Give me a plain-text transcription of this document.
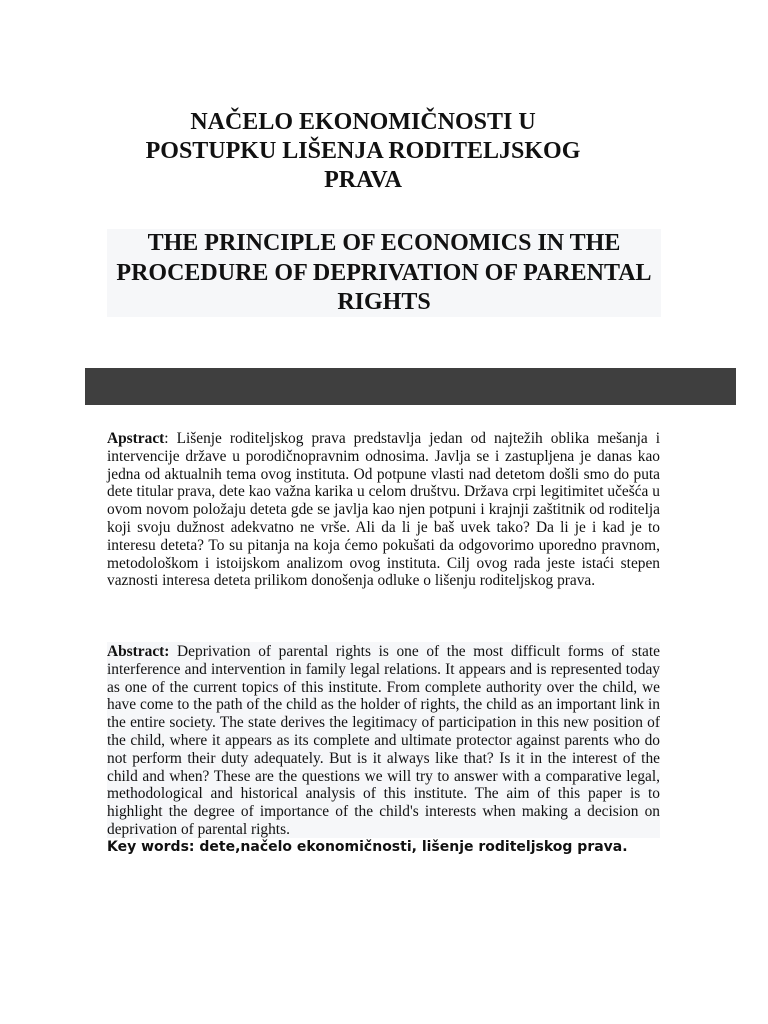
NAČELO EKONOMIČNOSTI U POSTUPKU LIŠENJA RODITELJSKOG PRAVA
THE PRINCIPLE OF ECONOMICS IN THE PROCEDURE OF DEPRIVATION OF PARENTAL RIGHTS
Apstract: Lišenje roditeljskog prava predstavlja jedan od najtežih oblika mešanja i intervencije države u porodičnopravnim odnosima. Javlja se i zastupljena je danas kao jedna od aktualnih tema ovog instituta. Od potpune vlasti nad detetom došli smo do puta dete titular prava, dete kao važna karika u celom društvu. Država crpi legitimitet učešća u ovom novom položaju deteta gde se javlja kao njen potpuni i krajnji zaštitnik od roditelja koji svoju dužnost adekvatno ne vrše. Ali da li je baš uvek tako? Da li je i kad je to interesu deteta? To su pitanja na koja ćemo pokušati da odgovorimo uporedno pravnom, metodološkom i istoijskom analizom ovog instituta. Cilj ovog rada jeste istaći stepen vaznosti interesa deteta prilikom donošenja odluke o lišenju roditeljskog prava.
Abstract: Deprivation of parental rights is one of the most difficult forms of state interference and intervention in family legal relations. It appears and is represented today as one of the current topics of this institute. From complete authority over the child, we have come to the path of the child as the holder of rights, the child as an important link in the entire society. The state derives the legitimacy of participation in this new position of the child, where it appears as its complete and ultimate protector against parents who do not perform their duty adequately. But is it always like that? Is it in the interest of the child and when? These are the questions we will try to answer with a comparative legal, methodological and historical analysis of this institute. The aim of this paper is to highlight the degree of importance of the child's interests when making a decision on deprivation of parental rights.
Key words: dete,načelo ekonomičnosti, lišenje roditeljskog prava.
